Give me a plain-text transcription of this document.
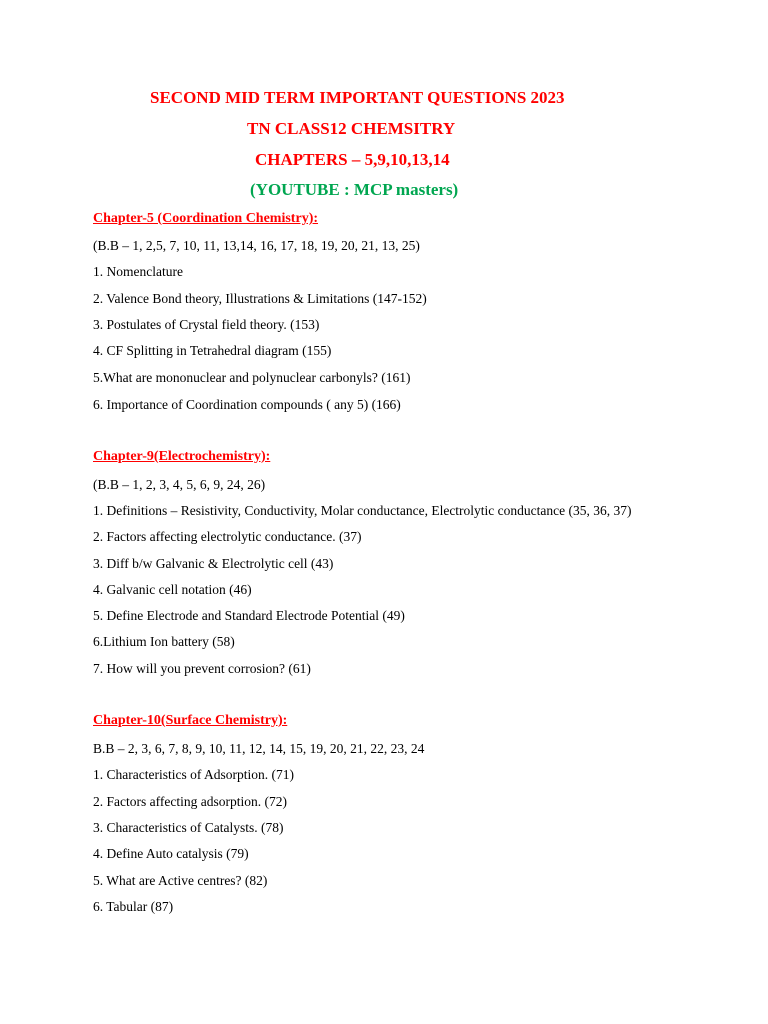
SECOND MID TERM IMPORTANT QUESTIONS 2023
TN CLASS12 CHEMSITRY
CHAPTERS – 5,9,10,13,14
(YOUTUBE : MCP masters)
Chapter-5 (Coordination Chemistry):
(B.B – 1, 2,5, 7, 10, 11, 13,14, 16, 17, 18, 19, 20, 21, 13, 25)
1. Nomenclature
2. Valence Bond theory, Illustrations & Limitations (147-152)
3. Postulates of Crystal field theory. (153)
4. CF Splitting in Tetrahedral diagram (155)
5.What are mononuclear and polynuclear carbonyls? (161)
6. Importance of Coordination compounds ( any 5) (166)
Chapter-9(Electrochemistry):
(B.B – 1, 2, 3, 4, 5, 6, 9, 24, 26)
1. Definitions – Resistivity, Conductivity, Molar conductance, Electrolytic conductance (35, 36, 37)
2. Factors affecting electrolytic conductance. (37)
3. Diff b/w Galvanic & Electrolytic cell (43)
4. Galvanic cell notation (46)
5. Define Electrode and Standard Electrode Potential (49)
6.Lithium Ion battery (58)
7. How will you prevent corrosion? (61)
Chapter-10(Surface Chemistry):
B.B – 2, 3, 6, 7, 8, 9, 10, 11, 12, 14, 15, 19, 20, 21, 22, 23, 24
1. Characteristics of Adsorption. (71)
2. Factors affecting adsorption. (72)
3. Characteristics of Catalysts. (78)
4. Define Auto catalysis (79)
5. What are Active centres? (82)
6. Tabular (87)
